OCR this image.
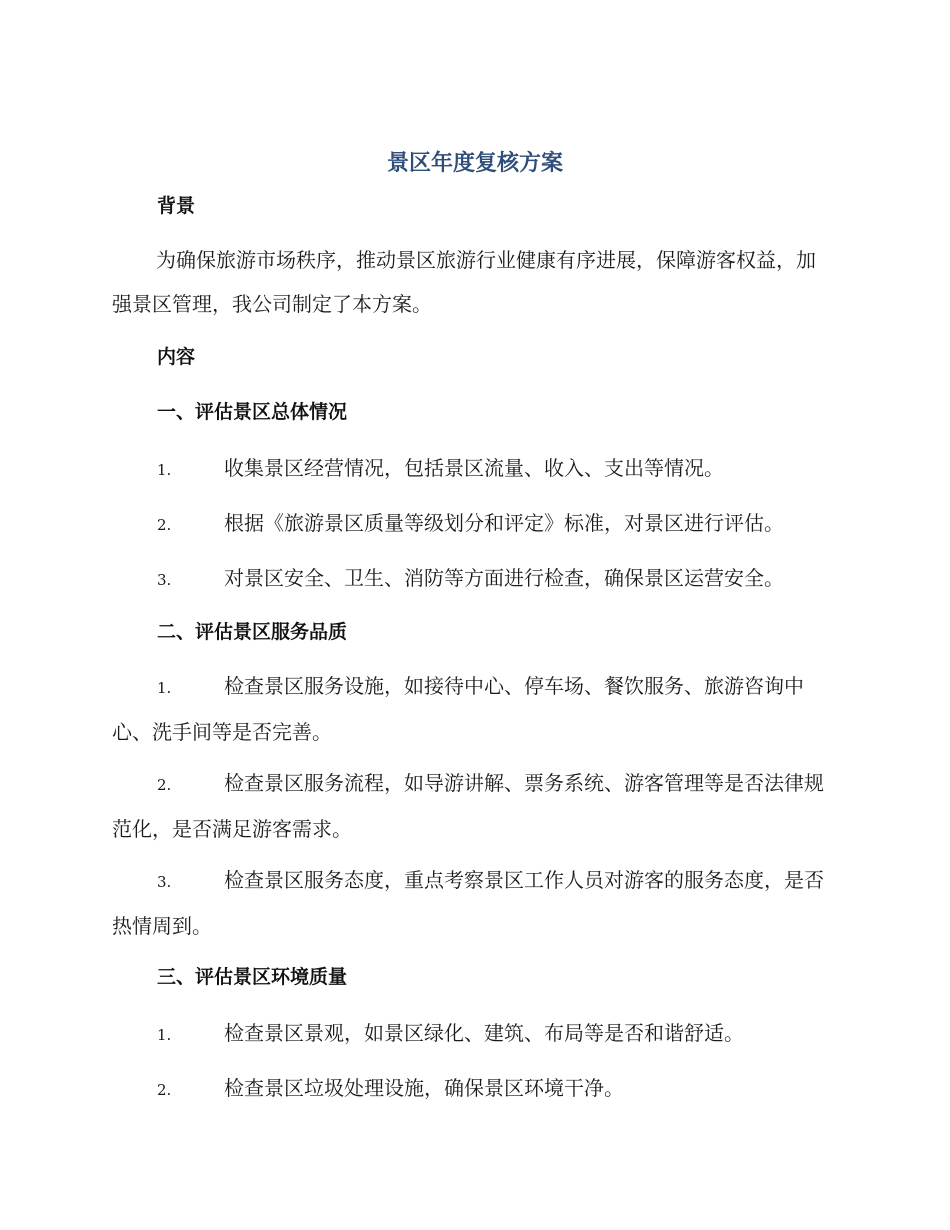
景区年度复核方案
背景

为确保旅游市场秩序，推动景区旅游行业健康有序进展，保障游客权益，加强景区管理，我公司制定了本方案。

内容
一、评估景区总体情况

1.	收集景区经营情况，包括景区流量、收入、支出等情况。

2.	根据《旅游景区质量等级划分和评定》标准，对景区进行评估。

3.	对景区安全、卫生、消防等方面进行检查，确保景区运营安全。

二、评估景区服务品质

1.	检查景区服务设施，如接待中心、停车场、餐饮服务、旅游咨询中心、洗手间等是否完善。

2.	检查景区服务流程，如导游讲解、票务系统、游客管理等是否法律规范化，是否满足游客需求。

3.	检查景区服务态度，重点考察景区工作人员对游客的服务态度，是否热情周到。

三、评估景区环境质量

1.	检查景区景观，如景区绿化、建筑、布局等是否和谐舒适。

2.	检查景区垃圾处理设施，确保景区环境干净。
